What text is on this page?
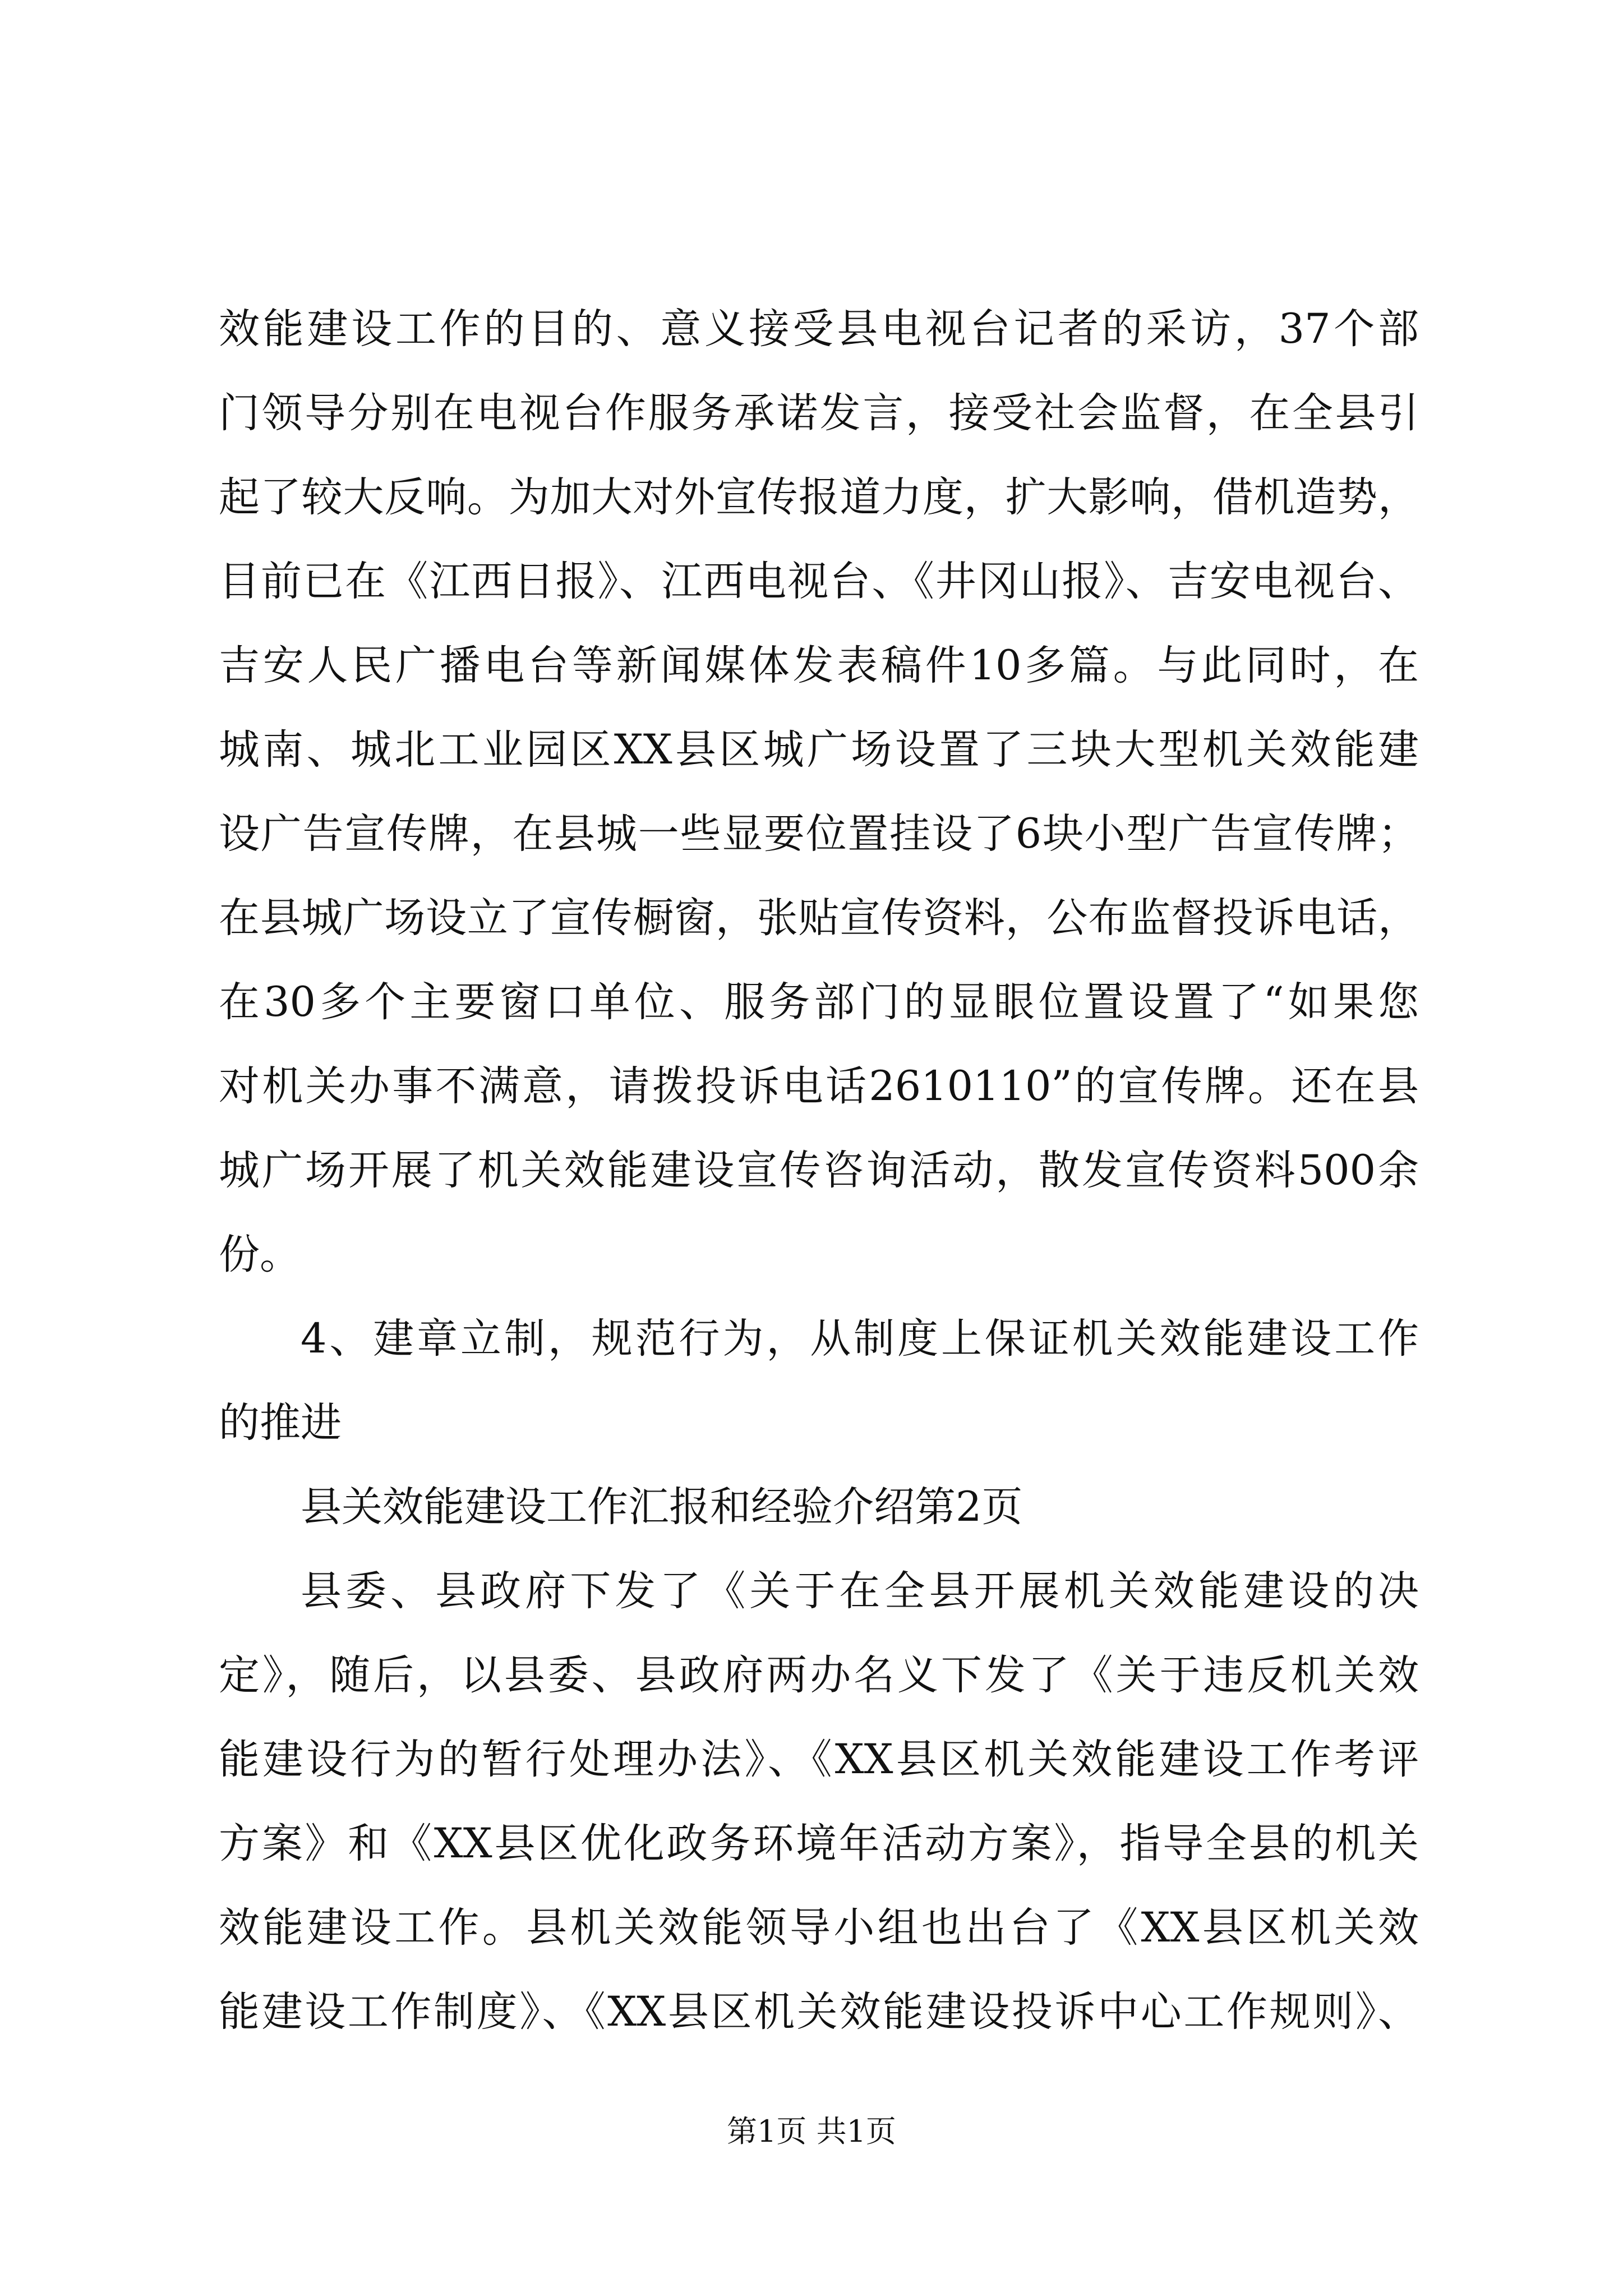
效能建设工作的目的、意义接受县电视台记者的采访，37个部
门领导分别在电视台作服务承诺发言，接受社会监督，在全县引
起了较大反响。为加大对外宣传报道力度，扩大影响，借机造势，
目前已在《江西日报》、江西电视台、《井冈山报》、吉安电视台、
吉安人民广播电台等新闻媒体发表稿件10多篇。与此同时，在
城南、城北工业园区XX县区城广场设置了三块大型机关效能建
设广告宣传牌，在县城一些显要位置挂设了6块小型广告宣传牌；
在县城广场设立了宣传橱窗，张贴宣传资料，公布监督投诉电话，
在30多个主要窗口单位、服务部门的显眼位置设置了“如果您
对机关办事不满意，请拨投诉电话2610110”的宣传牌。还在县
城广场开展了机关效能建设宣传咨询活动，散发宣传资料500余
份。
4、建章立制，规范行为，从制度上保证机关效能建设工作
的推进
县关效能建设工作汇报和经验介绍第2页
县委、县政府下发了《关于在全县开展机关效能建设的决
定》，随后，以县委、县政府两办名义下发了《关于违反机关效
能建设行为的暂行处理办法》、《XX县区机关效能建设工作考评
方案》和《XX县区优化政务环境年活动方案》，指导全县的机关
效能建设工作。县机关效能领导小组也出台了《XX县区机关效
能建设工作制度》、《XX县区机关效能建设投诉中心工作规则》、
第1页 共1页
